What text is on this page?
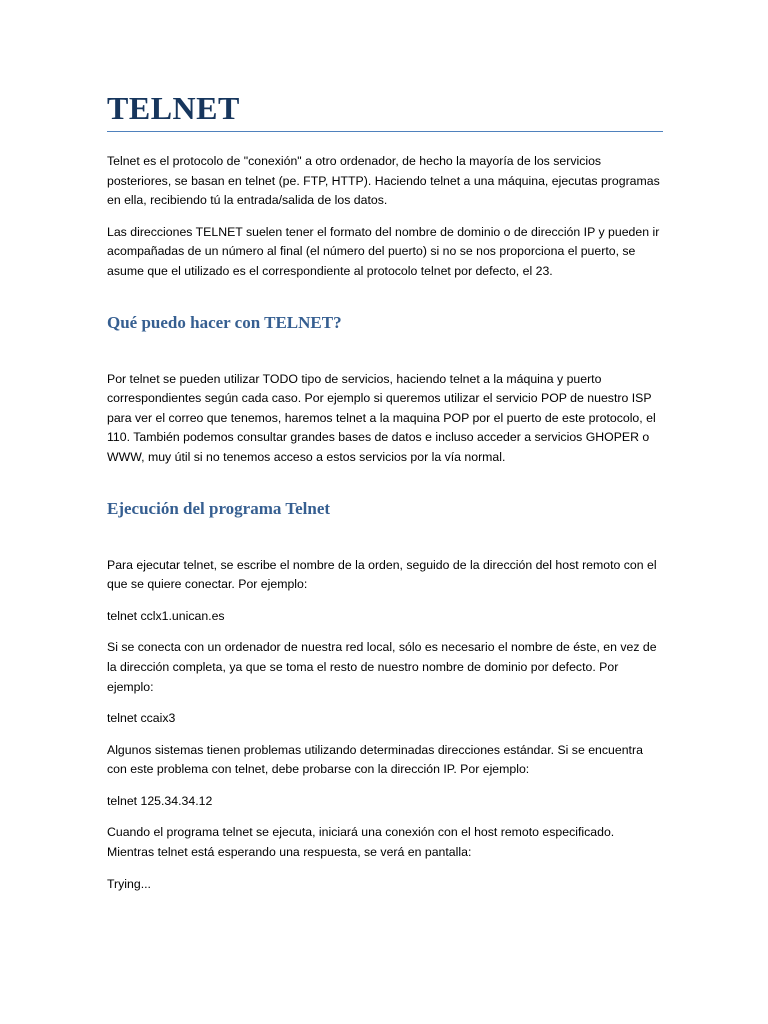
TELNET

Telnet es el protocolo de "conexión" a otro ordenador, de hecho la mayoría de los servicios posteriores, se basan en telnet (pe. FTP, HTTP). Haciendo telnet a una máquina, ejecutas programas en ella, recibiendo tú la entrada/salida de los datos.

Las direcciones TELNET suelen tener el formato del nombre de dominio o de dirección IP y pueden ir acompañadas de un número al final (el número del puerto) si no se nos proporciona el puerto, se asume que el utilizado es el correspondiente al protocolo telnet por defecto, el 23.

Qué puedo hacer con TELNET?

Por telnet se pueden utilizar TODO tipo de servicios, haciendo telnet a la máquina y puerto correspondientes según cada caso. Por ejemplo si queremos utilizar el servicio POP de nuestro ISP para ver el correo que tenemos, haremos telnet a la maquina POP por el puerto de este protocolo, el 110. También podemos consultar grandes bases de datos e incluso acceder a servicios GHOPER o WWW, muy útil si no tenemos acceso a estos servicios por la vía normal.

Ejecución del programa Telnet

Para ejecutar telnet, se escribe el nombre de la orden, seguido de la dirección del host remoto con el que se quiere conectar. Por ejemplo:

telnet cclx1.unican.es

Si se conecta con un ordenador de nuestra red local, sólo es necesario el nombre de éste, en vez de la dirección completa, ya que se toma el resto de nuestro nombre de dominio por defecto. Por ejemplo:

telnet ccaix3

Algunos sistemas tienen problemas utilizando determinadas direcciones estándar. Si se encuentra con este problema con telnet, debe probarse con la dirección IP. Por ejemplo:

telnet 125.34.34.12

Cuando el programa telnet se ejecuta, iniciará una conexión con el host remoto especificado. Mientras telnet está esperando una respuesta, se verá en pantalla:

Trying...
